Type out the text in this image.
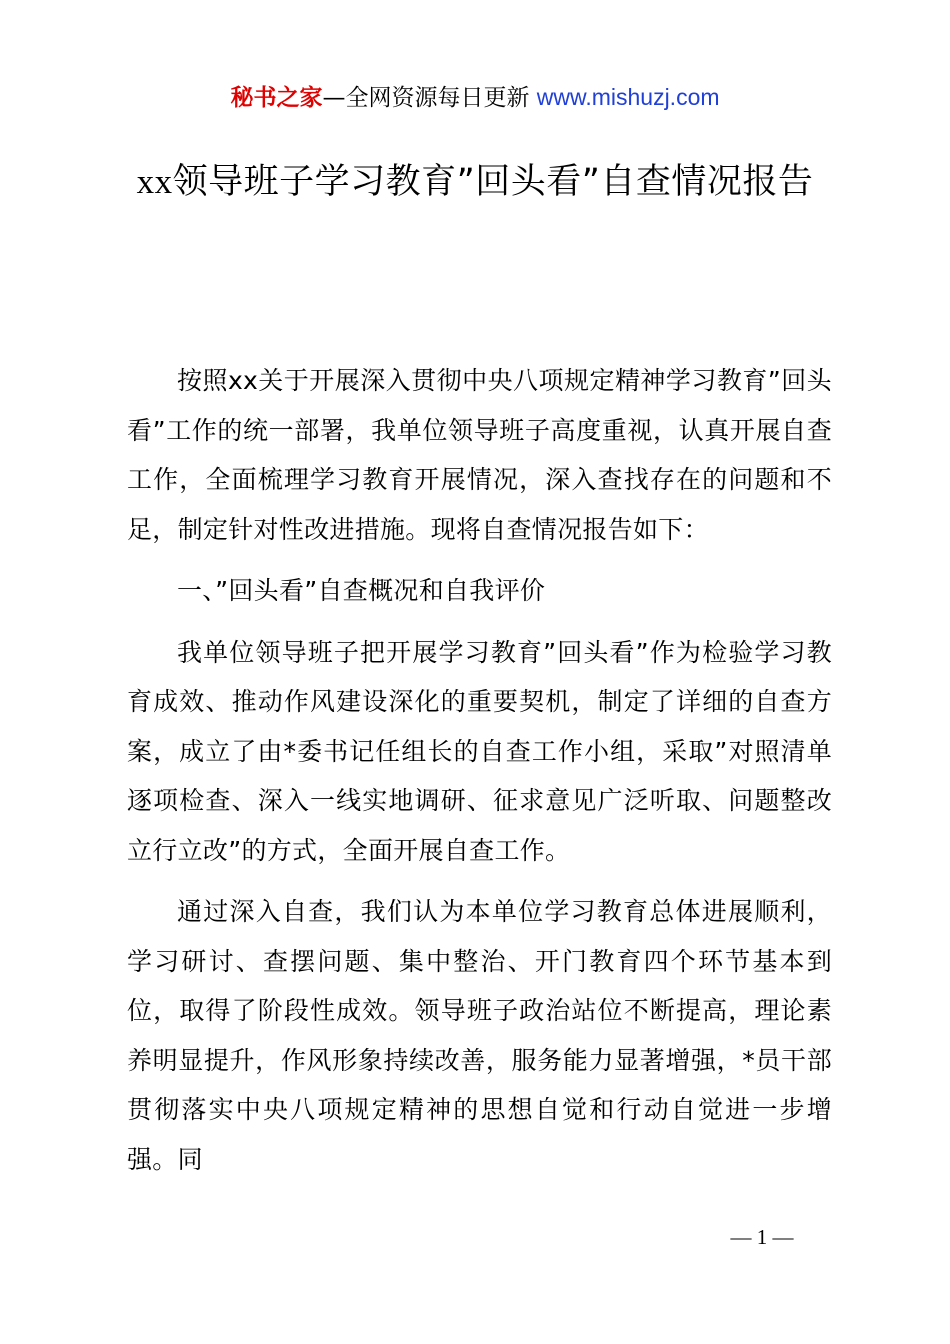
秘书之家—全网资源每日更新 www.mishuzj.com
xx领导班子学习教育”回头看”自查情况报告

按照xx关于开展深入贯彻中央八项规定精神学习教育”回头看”工作的统一部署，我单位领导班子高度重视，认真开展自查工作，全面梳理学习教育开展情况，深入查找存在的问题和不足，制定针对性改进措施。现将自查情况报告如下：

一、”回头看”自查概况和自我评价

我单位领导班子把开展学习教育”回头看”作为检验学习教育成效、推动作风建设深化的重要契机，制定了详细的自查方案，成立了由*委书记任组长的自查工作小组，采取”对照清单逐项检查、深入一线实地调研、征求意见广泛听取、问题整改立行立改”的方式，全面开展自查工作。

通过深入自查，我们认为本单位学习教育总体进展顺利，学习研讨、查摆问题、集中整治、开门教育四个环节基本到位，取得了阶段性成效。领导班子政治站位不断提高，理论素养明显提升，作风形象持续改善，服务能力显著增强，*员干部贯彻落实中央八项规定精神的思想自觉和行动自觉进一步增强。同

— 1 —
